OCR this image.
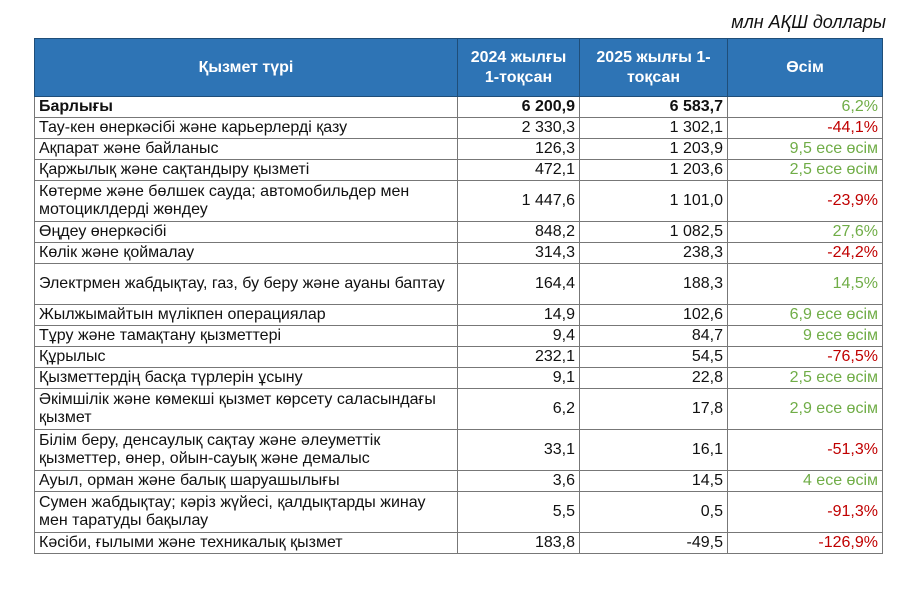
млн АҚШ доллары
Қызмет түрі	2024 жылғы 1-тоқсан	2025 жылғы 1-тоқсан	Өсім
Барлығы	6 200,9	6 583,7	6,2%
Тау-кен өнеркәсібі және карьерлерді қазу	2 330,3	1 302,1	-44,1%
Ақпарат және байланыс	126,3	1 203,9	9,5 есе өсім
Қаржылық және сақтандыру қызметі	472,1	1 203,6	2,5 есе өсім
Көтерме және бөлшек сауда; автомобильдер мен мотоциклдерді жөндеу	1 447,6	1 101,0	-23,9%
Өңдеу өнеркәсібі	848,2	1 082,5	27,6%
Көлік және қоймалау	314,3	238,3	-24,2%
Электрмен жабдықтау, газ, бу беру және ауаны баптау	164,4	188,3	14,5%
Жылжымайтын мүлікпен операциялар	14,9	102,6	6,9 есе өсім
Тұру және тамақтану қызметтері	9,4	84,7	9 есе өсім
Құрылыс	232,1	54,5	-76,5%
Қызметтердің басқа түрлерін ұсыну	9,1	22,8	2,5 есе өсім
Әкімшілік және көмекші қызмет көрсету саласындағы қызмет	6,2	17,8	2,9 есе өсім
Білім беру, денсаулық сақтау және әлеуметтік қызметтер, өнер, ойын-сауық және демалыс	33,1	16,1	-51,3%
Ауыл, орман және балық шаруашылығы	3,6	14,5	4 есе өсім
Сумен жабдықтау; кәріз жүйесі, қалдықтарды жинау мен таратуды бақылау	5,5	0,5	-91,3%
Кәсіби, ғылыми және техникалық қызмет	183,8	-49,5	-126,9%
